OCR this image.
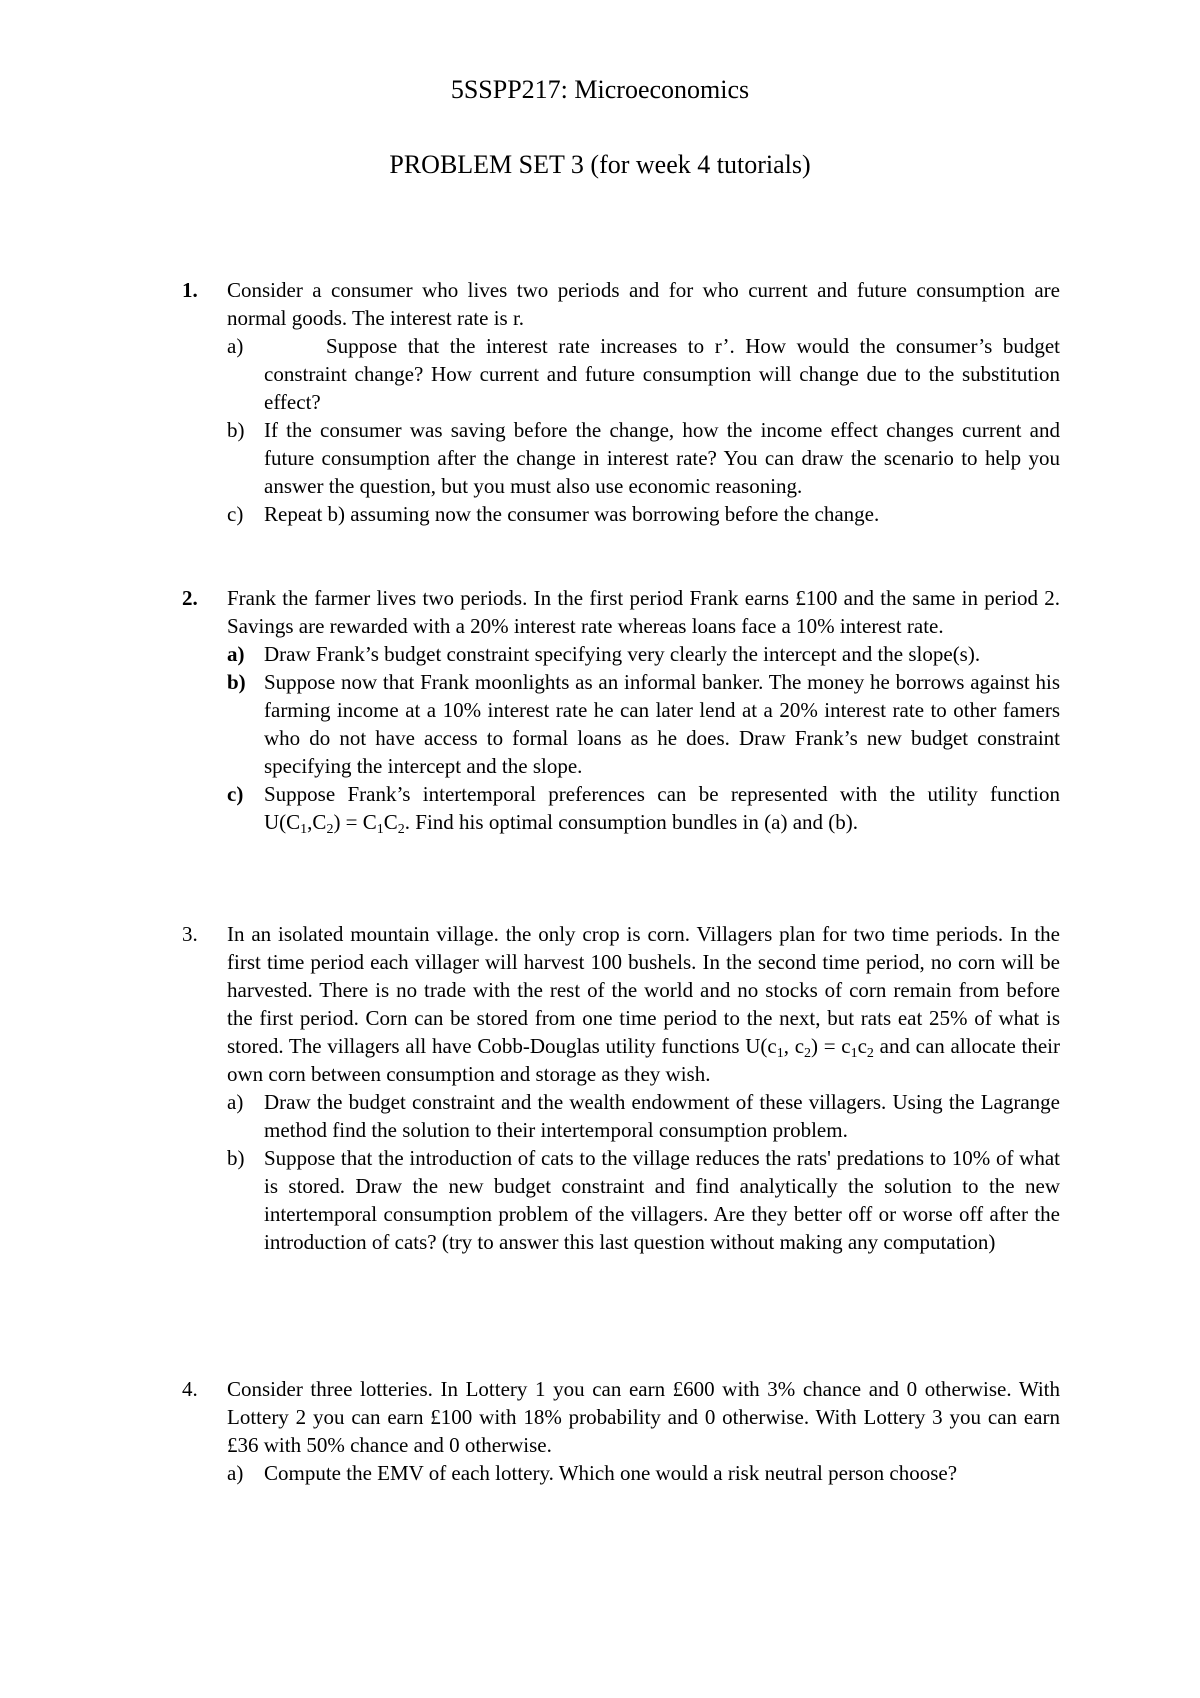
5SSPP217: Microeconomics
PROBLEM SET 3 (for week 4 tutorials)
1. Consider a consumer who lives two periods and for who current and future consumption are normal goods. The interest rate is r.

a)	Suppose that the interest rate increases to r’. How would the consumer’s budget constraint change? How current and future consumption will change due to the substitution effect?
b) If the consumer was saving before the change, how the income effect changes current and future consumption after the change in interest rate? You can draw the scenario to help you answer the question, but you must also use economic reasoning.
c) Repeat b) assuming now the consumer was borrowing before the change.
2. Frank the farmer lives two periods. In the first period Frank earns £100 and the same in period 2. Savings are rewarded with a 20% interest rate whereas loans face a 10% interest rate.

a) Draw Frank’s budget constraint specifying very clearly the intercept and the slope(s).
b) Suppose now that Frank moonlights as an informal banker. The money he borrows against his farming income at a 10% interest rate he can later lend at a 20% interest rate to other famers who do not have access to formal loans as he does. Draw Frank’s new budget constraint specifying the intercept and the slope.
c) Suppose Frank’s intertemporal preferences can be represented with the utility function $U(C_1,C_2) = C_1C_2$. Find his optimal consumption bundles in (a) and (b).
3. In an isolated mountain village. the only crop is corn. Villagers plan for two time periods. In the first time period each villager will harvest 100 bushels. In the second time period, no corn will be harvested. There is no trade with the rest of the world and no stocks of corn remain from before the first period. Corn can be stored from one time period to the next, but rats eat 25% of what is stored. The villagers all have Cobb-Douglas utility functions $U(c_1$, $c_2) = c_1c_2$ and can allocate their own corn between consumption and storage as they wish.

a) Draw the budget constraint and the wealth endowment of these villagers. Using the Lagrange method find the solution to their intertemporal consumption problem.
b) Suppose that the introduction of cats to the village reduces the rats' predations to 10% of what is stored. Draw the new budget constraint and find analytically the solution to the new intertemporal consumption problem of the villagers. Are they better off or worse off after the introduction of cats? (try to answer this last question without making any computation)
4. Consider three lotteries. In Lottery 1 you can earn £600 with 3% chance and 0 otherwise. With Lottery 2 you can earn £100 with 18% probability and 0 otherwise. With Lottery 3 you can earn £36 with 50% chance and 0 otherwise.

a) Compute the EMV of each lottery. Which one would a risk neutral person choose?
